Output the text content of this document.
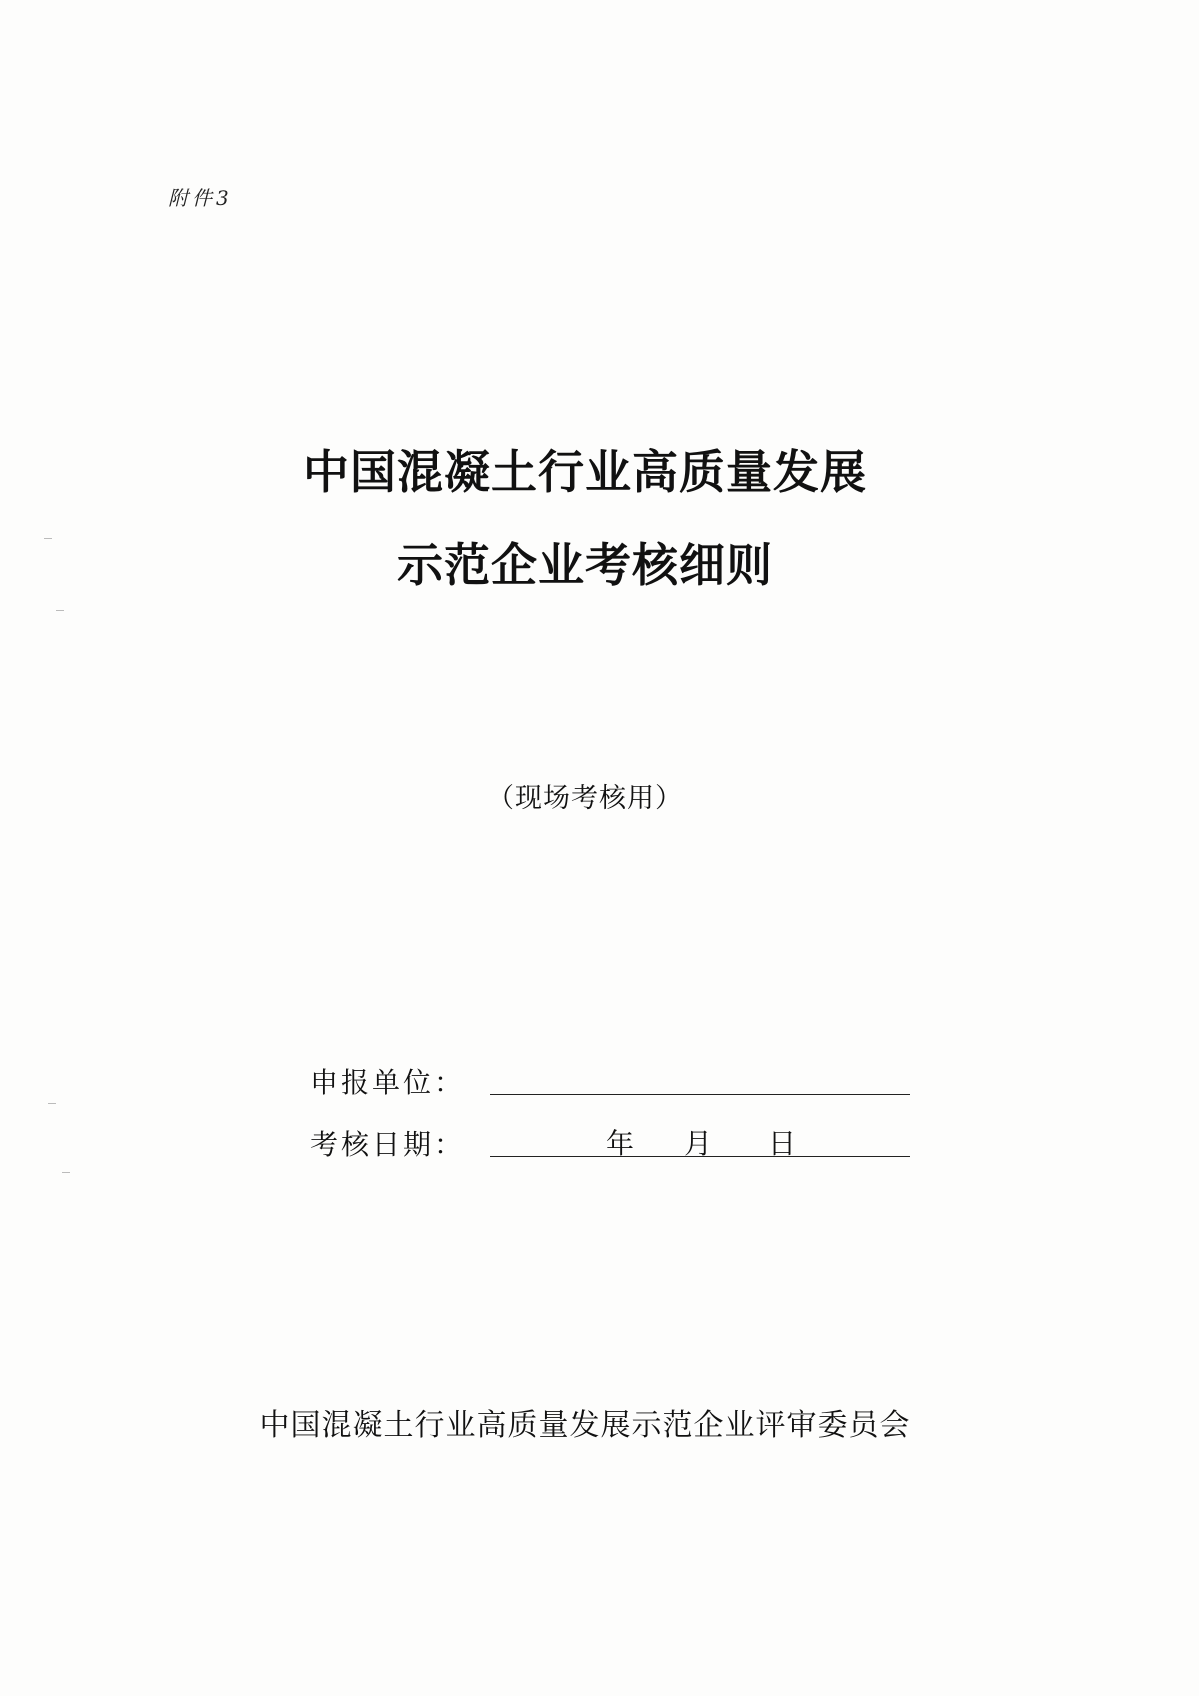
附件3
中国混凝土行业高质量发展
示范企业考核细则
（现场考核用）
申报单位：
考核日期：	年 月 日
中国混凝土行业高质量发展示范企业评审委员会
